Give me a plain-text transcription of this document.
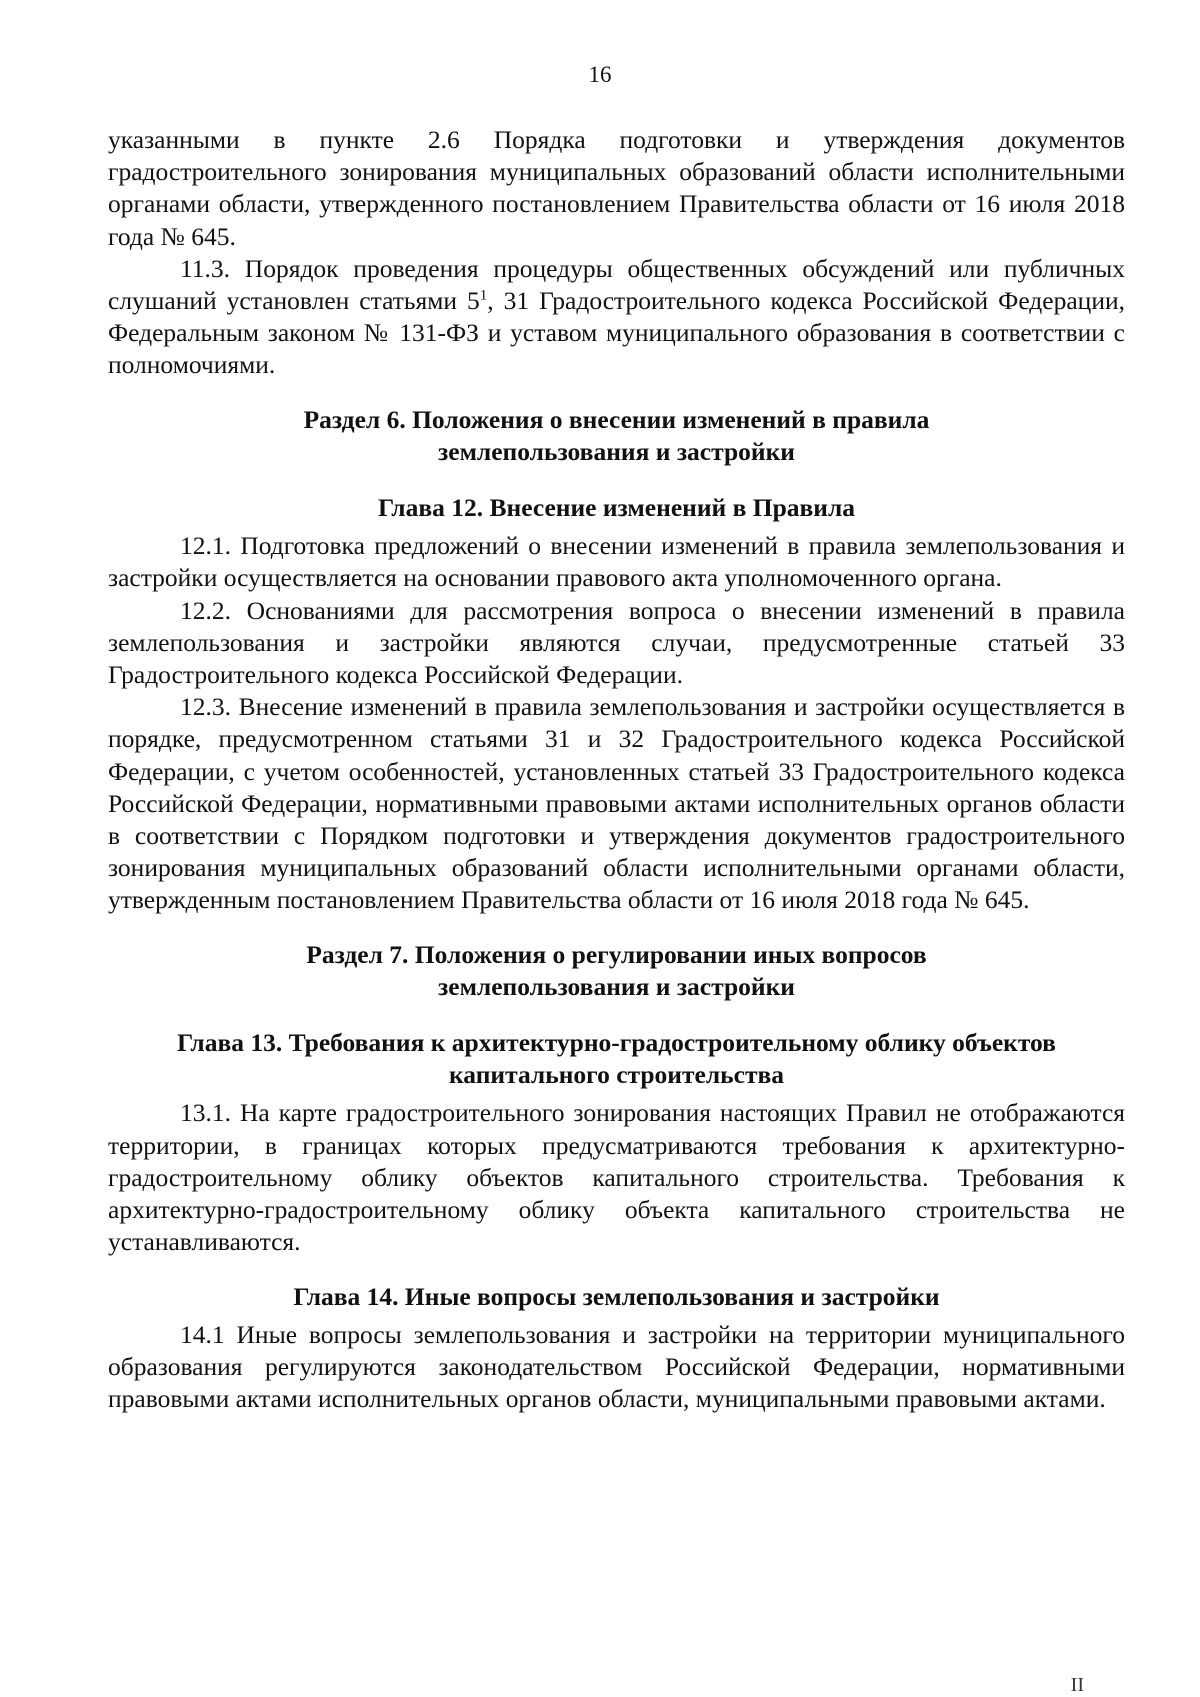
16

указанными в пункте 2.6 Порядка подготовки и утверждения документов градостроительного зонирования муниципальных образований области исполнительными органами области, утвержденного постановлением Правительства области от 16 июля 2018 года № 645.

11.3. Порядок проведения процедуры общественных обсуждений или публичных слушаний установлен статьями $5^1$, 31 Градостроительного кодекса Российской Федерации, Федеральным законом № 131-ФЗ и уставом муниципального образования в соответствии с полномочиями.

Раздел 6. Положения о внесении изменений в правила
землепользования и застройки
Глава 12. Внесение изменений в Правила

12.1. Подготовка предложений о внесении изменений в правила землепользования и застройки осуществляется на основании правового акта уполномоченного органа.

12.2. Основаниями для рассмотрения вопроса о внесении изменений в правила землепользования и застройки являются случаи, предусмотренные статьей 33 Градостроительного кодекса Российской Федерации.

12.3. Внесение изменений в правила землепользования и застройки осуществляется в порядке, предусмотренном статьями 31 и 32 Градостроительного кодекса Российской Федерации, с учетом особенностей, установленных статьей 33 Градостроительного кодекса Российской Федерации, нормативными правовыми актами исполнительных органов области в соответствии с Порядком подготовки и утверждения документов градостроительного зонирования муниципальных образований области исполнительными органами области, утвержденным постановлением Правительства области от 16 июля 2018 года № 645.

Раздел 7. Положения о регулировании иных вопросов
землепользования и застройки
Глава 13. Требования к архитектурно-градостроительному облику объектов
капитального строительства

13.1. На карте градостроительного зонирования настоящих Правил не отображаются территории, в границах которых предусматриваются требования к архитектурно-градостроительному облику объектов капитального строительства. Требования к архитектурно-градостроительному облику объекта капитального строительства не устанавливаются.

Глава 14. Иные вопросы землепользования и застройки

14.1 Иные вопросы землепользования и застройки на территории муниципального образования регулируются законодательством Российской Федерации, нормативными правовыми актами исполнительных органов области, муниципальными правовыми актами.

II
